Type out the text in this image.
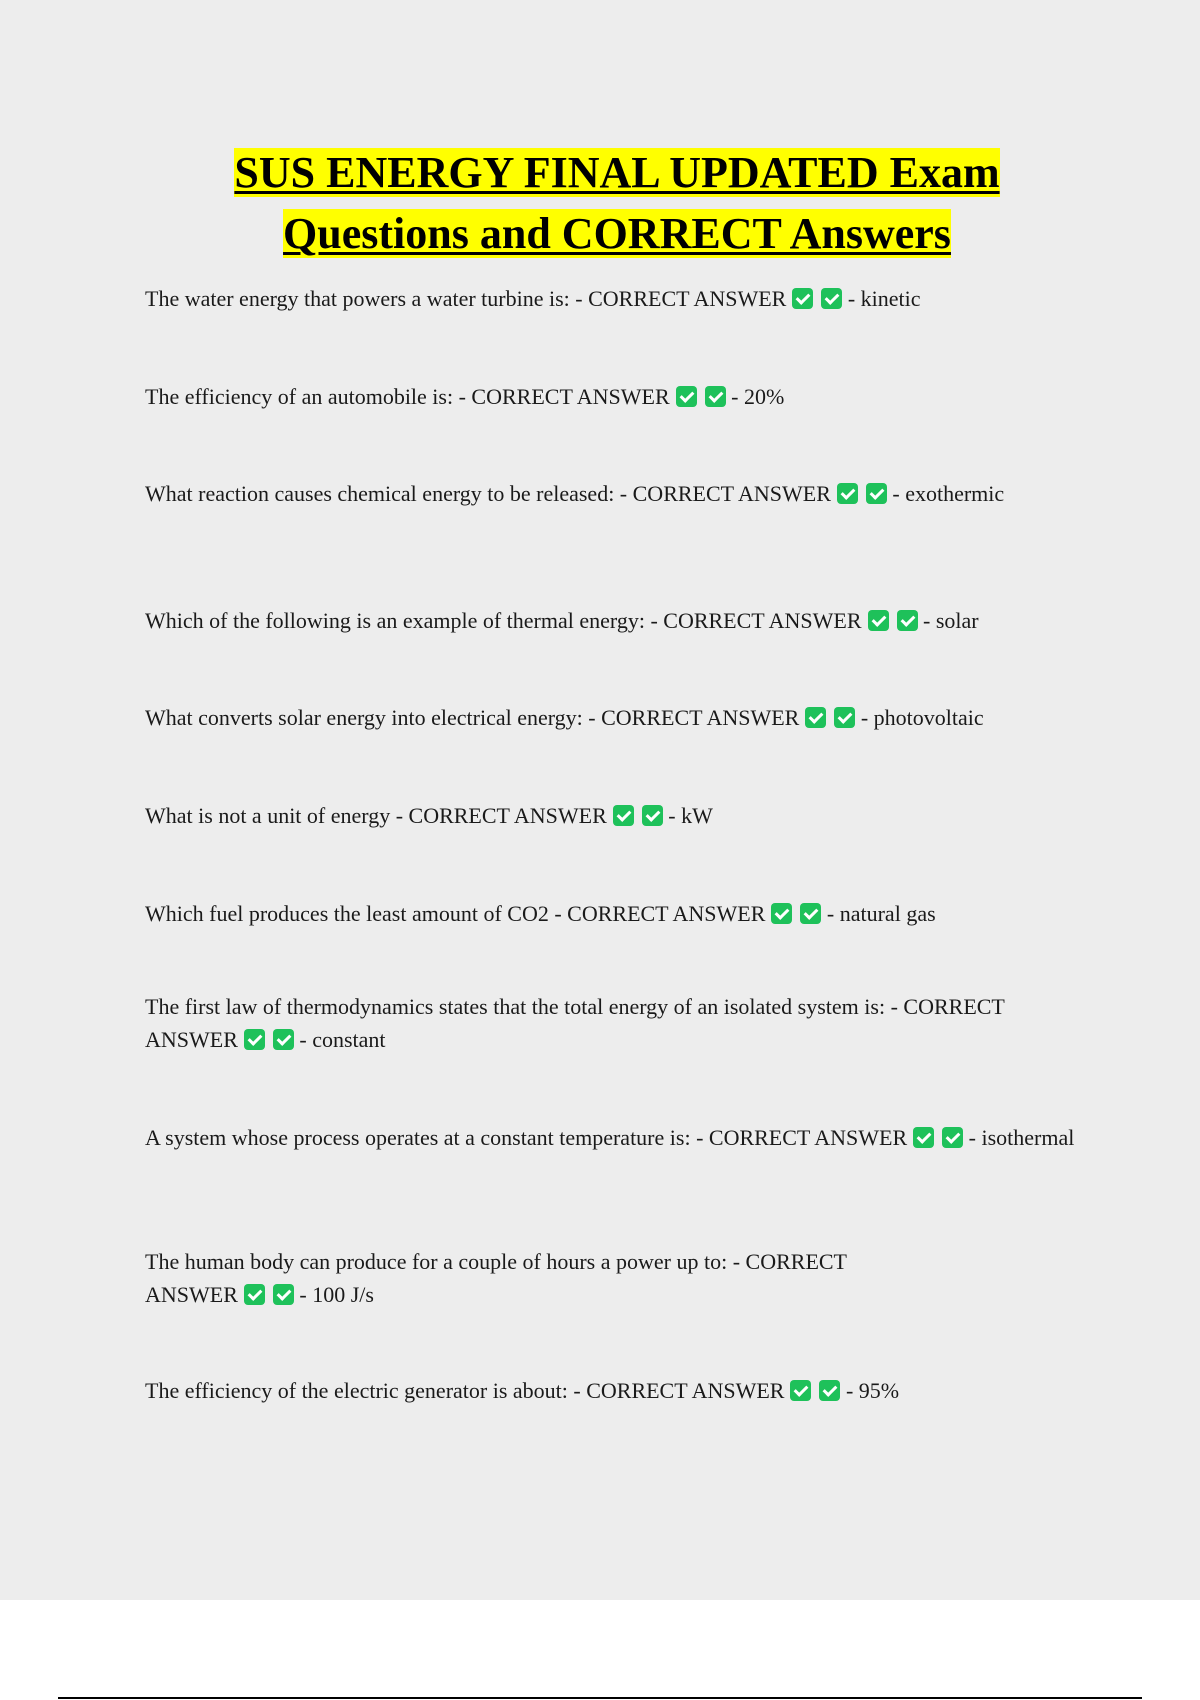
SUS ENERGY FINAL UPDATED Exam
Questions and CORRECT Answers

The water energy that powers a water turbine is: - CORRECT ANSWER	- kinetic

The efficiency of an automobile is: - CORRECT ANSWER	- 20%

What reaction causes chemical energy to be released: - CORRECT ANSWER	- exothermic

Which of the following is an example of thermal energy: - CORRECT ANSWER	- solar

What converts solar energy into electrical energy: - CORRECT ANSWER	- photovoltaic

What is not a unit of energy - CORRECT ANSWER	- kW

Which fuel produces the least amount of CO2 - CORRECT ANSWER	- natural gas

The first law of thermodynamics states that the total energy of an isolated system is: - CORRECT ANSWER	- constant

A system whose process operates at a constant temperature is: - CORRECT ANSWER	- isothermal

The human body can produce for a couple of hours a power up to: - CORRECT ANSWER	- 100 J/s

The efficiency of the electric generator is about: - CORRECT ANSWER	- 95%
